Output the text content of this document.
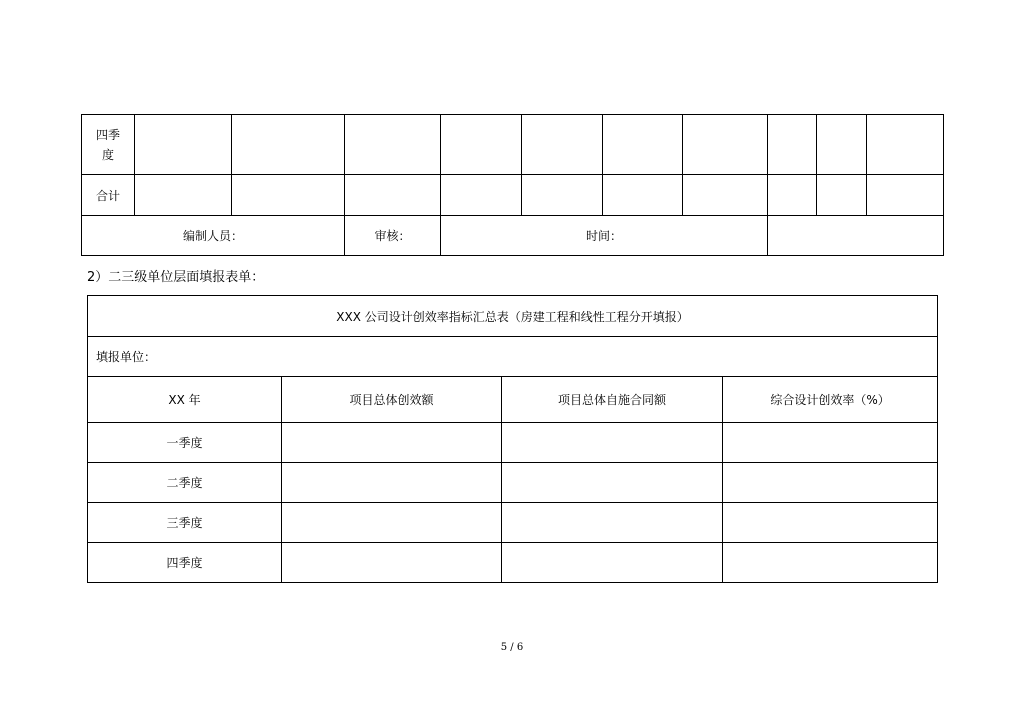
四季
度										
合计										
编制人员：			审核：	时间：						
2）二三级单位层面填报表单：
XXX 公司设计创效率指标汇总表（房建工程和线性工程分开填报）			
填报单位：			
XX 年	项目总体创效额	项目总体自施合同额	综合设计创效率（%）
一季度			
二季度			
三季度			
四季度			
5 / 6
